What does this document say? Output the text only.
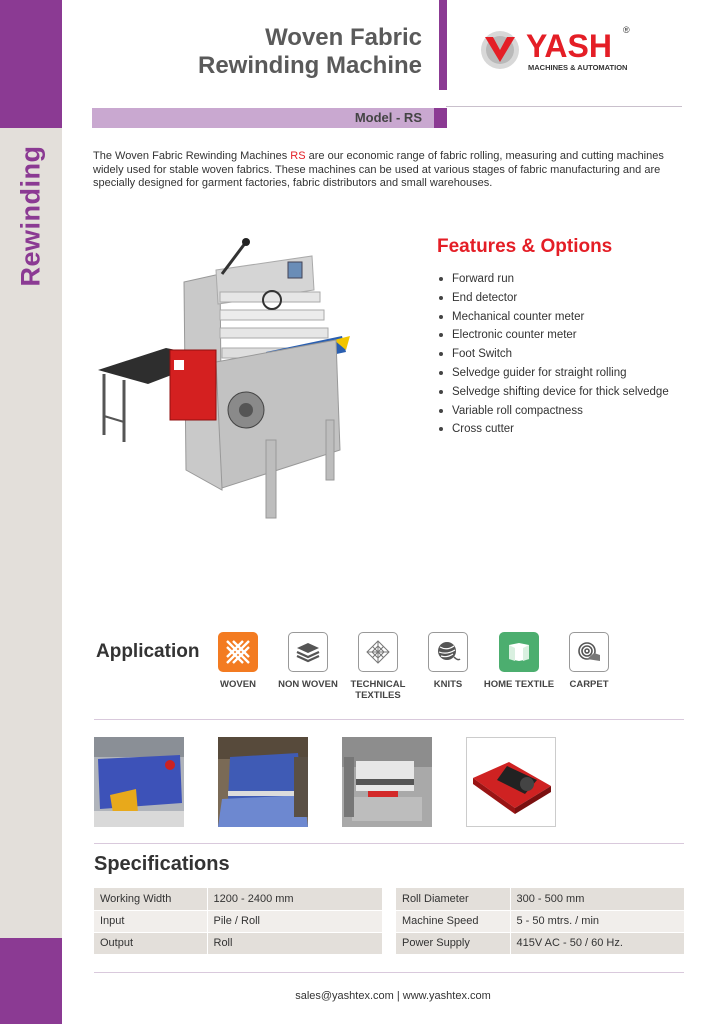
Rewinding
Woven Fabric
Rewinding Machine
YASH ®
MACHINES & AUTOMATION
Model - RS

The Woven Fabric Rewinding Machines RS are our economic range of fabric rolling, measuring and cutting machines widely used for stable woven fabrics. These machines can be used at various stages of fabric manufacturing and are specially designed for garment factories, fabric distributors and small warehouses.

Features & Options
Forward run
End detector
Mechanical counter meter
Electronic counter meter
Foot Switch
Selvedge guider for straight rolling
Selvedge shifting device for thick selvedge
Variable roll compactness
Cross cutter
Application
WOVEN	NON WOVEN	TECHNICAL TEXTILES
KNITS	HOME TEXTILE	CARPET
Specifications
Working Width	1200 - 2400 mm
Input	Pile / Roll
Output	Roll
Roll Diameter	300 - 500 mm
Machine Speed	5 - 50 mtrs. / min
Power Supply	415V AC - 50 / 60 Hz.
sales@yashtex.com | www.yashtex.com
